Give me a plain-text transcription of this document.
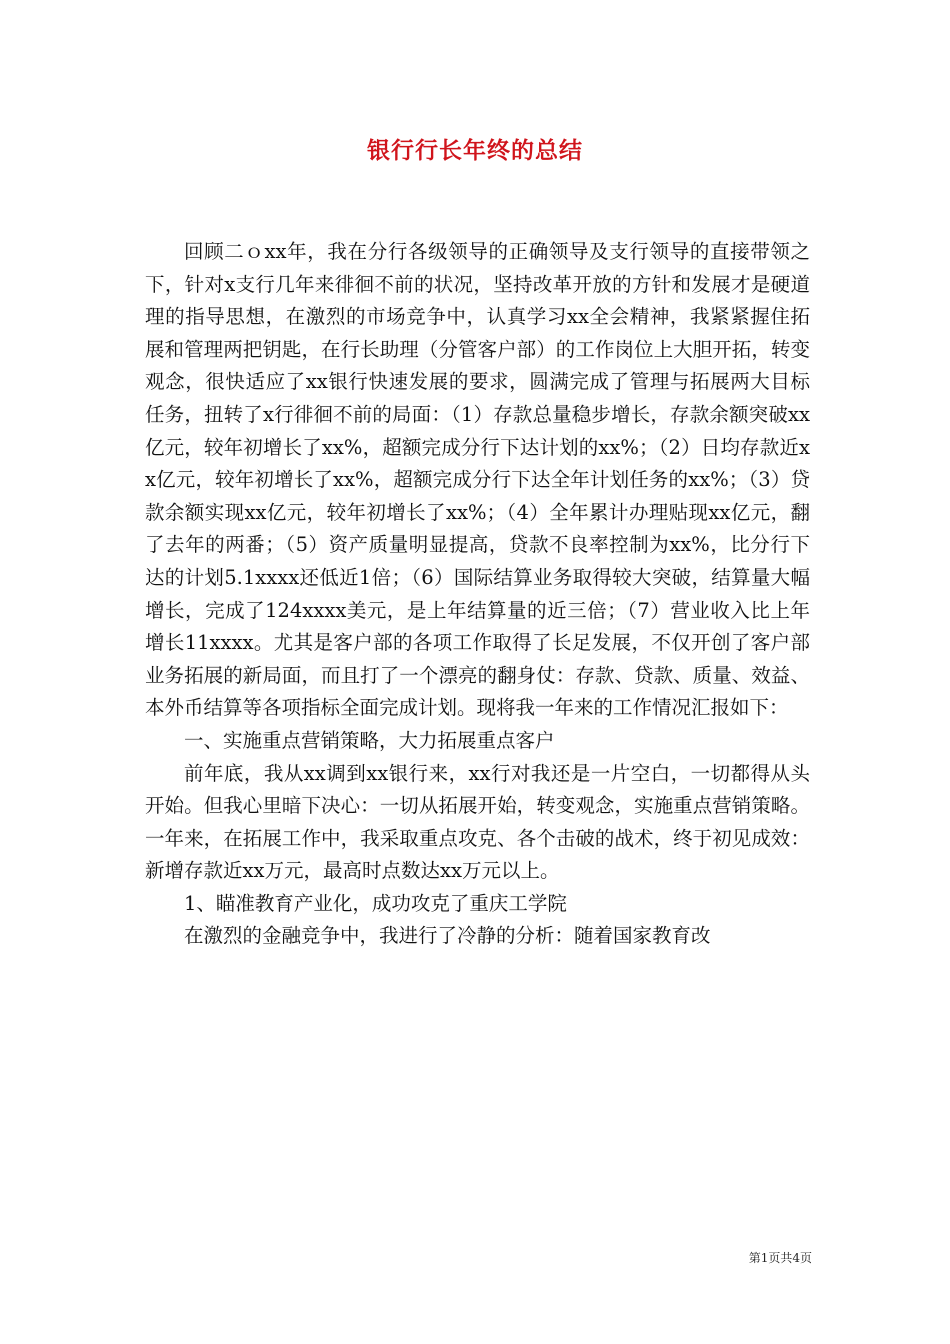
银行行长年终的总结

回顾二ｏxx年，我在分行各级领导的正确领导及支行领导的直接带领之下，针对x支行几年来徘徊不前的状况，坚持改革开放的方针和发展才是硬道理的指导思想，在激烈的市场竞争中，认真学习xx全会精神，我紧紧握住拓展和管理两把钥匙，在行长助理（分管客户部）的工作岗位上大胆开拓，转变观念，很快适应了xx银行快速发展的要求，圆满完成了管理与拓展两大目标任务，扭转了x行徘徊不前的局面：（1）存款总量稳步增长，存款余额突破xx亿元，较年初增长了xx%，超额完成分行下达计划的xx%；（2）日均存款近xx亿元，较年初增长了xx%，超额完成分行下达全年计划任务的xx%；（3）贷款余额实现xx亿元，较年初增长了xx%；（4）全年累计办理贴现xx亿元，翻了去年的两番；（5）资产质量明显提高，贷款不良率控制为xx%，比分行下达的计划5.1xxxx还低近1倍；（6）国际结算业务取得较大突破，结算量大幅增长，完成了124xxxx美元，是上年结算量的近三倍；（7）营业收入比上年增长11xxxx。尤其是客户部的各项工作取得了长足发展，不仅开创了客户部业务拓展的新局面，而且打了一个漂亮的翻身仗：存款、贷款、质量、效益、本外币结算等各项指标全面完成计划。现将我一年来的工作情况汇报如下：

一、实施重点营销策略，大力拓展重点客户

前年底，我从xx调到xx银行来，xx行对我还是一片空白，一切都得从头开始。但我心里暗下决心：一切从拓展开始，转变观念，实施重点营销策略。一年来，在拓展工作中，我采取重点攻克、各个击破的战术，终于初见成效：新增存款近xx万元，最高时点数达xx万元以上。

1、瞄准教育产业化，成功攻克了重庆工学院

在激烈的金融竞争中，我进行了冷静的分析：随着国家教育改

第1页共4页
